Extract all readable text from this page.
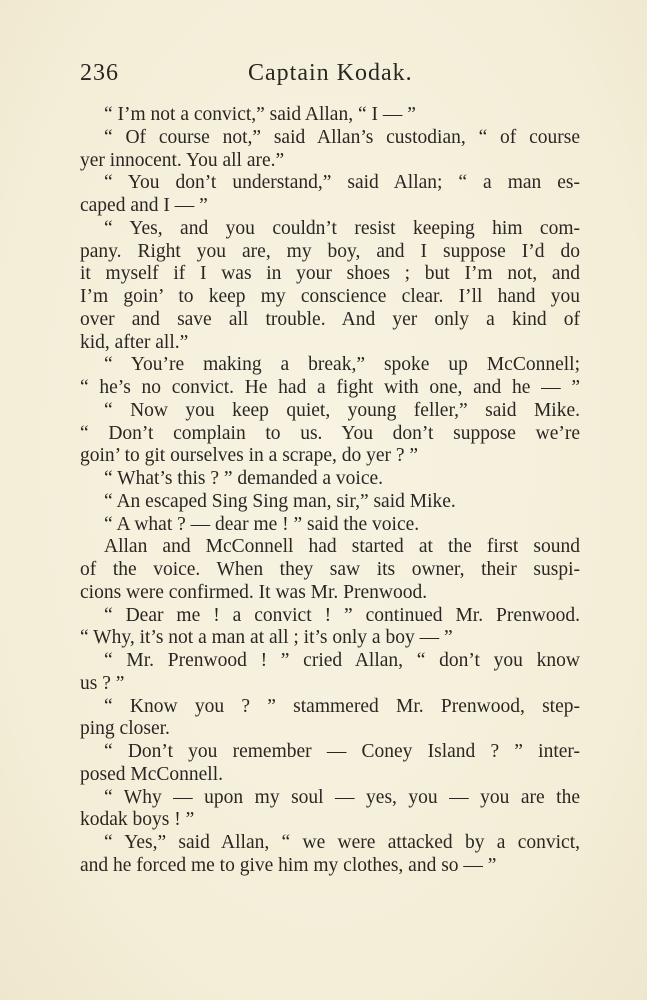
236	Captain Kodak.
“ I’m not a convict,” said Allan, “ I — ”
“ Of course not,” said Allan’s custodian, “ of course
yer innocent. You all are.”
“ You don’t understand,” said Allan; “ a man es-
caped and I — ”
“ Yes, and you couldn’t resist keeping him com-
pany. Right you are, my boy, and I suppose I’d do
it myself if I was in your shoes ; but I’m not, and
I’m goin’ to keep my conscience clear. I’ll hand you
over and save all trouble. And yer only a kind of
kid, after all.”
“ You’re making a break,” spoke up McConnell;
“ he’s no convict. He had a fight with one, and he — ”
“ Now you keep quiet, young feller,” said Mike.
“ Don’t complain to us. You don’t suppose we’re
goin’ to git ourselves in a scrape, do yer ? ”
“ What’s this ? ” demanded a voice.
“ An escaped Sing Sing man, sir,” said Mike.
“ A what ? — dear me ! ” said the voice.
Allan and McConnell had started at the first sound
of the voice. When they saw its owner, their suspi-
cions were confirmed. It was Mr. Prenwood.
“ Dear me ! a convict ! ” continued Mr. Prenwood.
“ Why, it’s not a man at all ; it’s only a boy — ”
“ Mr. Prenwood ! ” cried Allan, “ don’t you know
us ? ”
“ Know you ? ” stammered Mr. Prenwood, step-
ping closer.
“ Don’t you remember — Coney Island ? ” inter-
posed McConnell.
“ Why — upon my soul — yes, you — you are the
kodak boys ! ”
“ Yes,” said Allan, “ we were attacked by a convict,
and he forced me to give him my clothes, and so — ”
